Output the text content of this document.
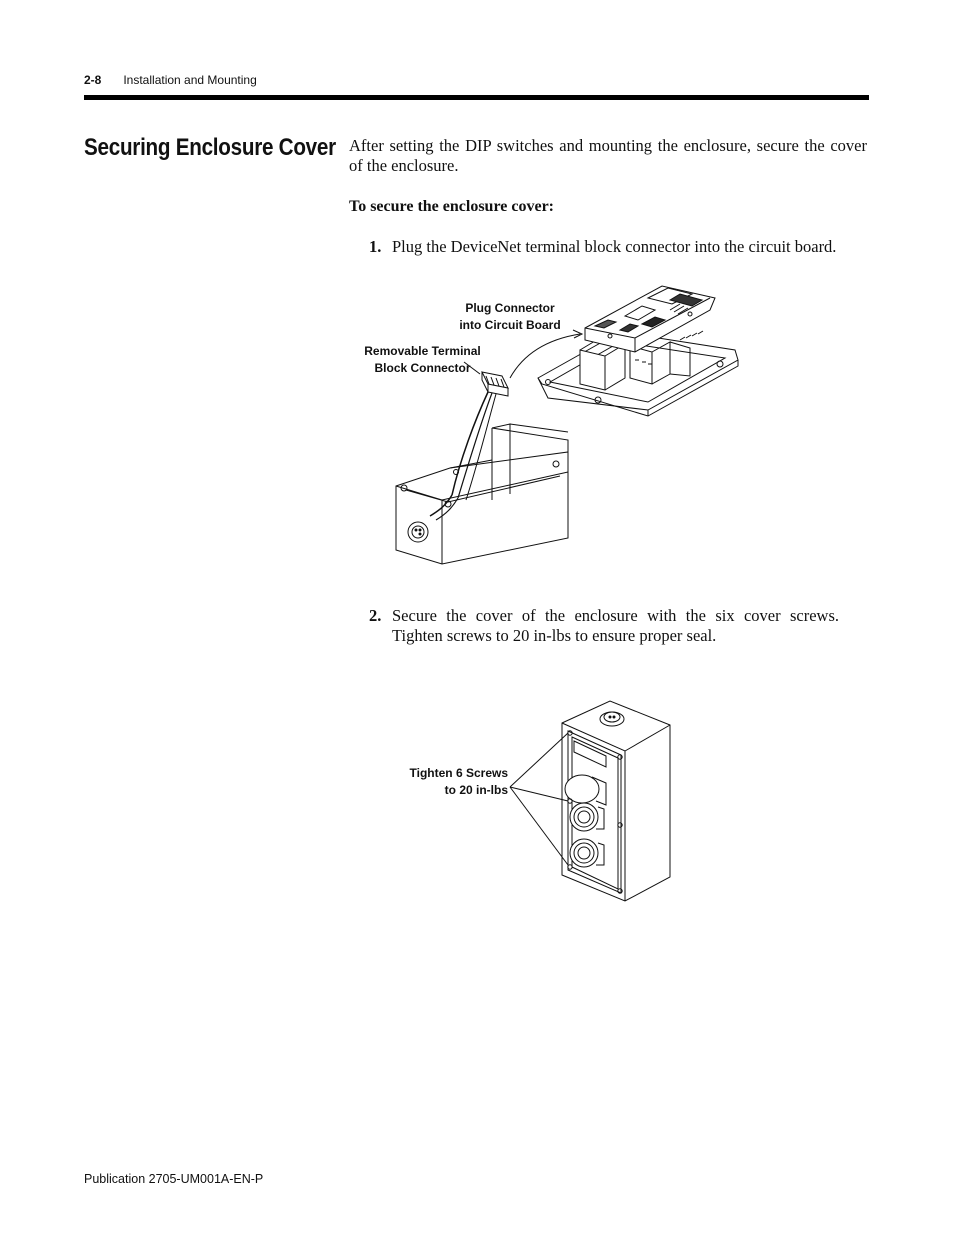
2-8 Installation and Mounting
Securing Enclosure Cover After setting the DIP switches and mounting the enclosure, secure the cover of the enclosure.
To secure the enclosure cover:
1. Plug the DeviceNet terminal block connector into the circuit board.
Plug Connector
into Circuit Board
Removable Terminal
Block Connector
2. Secure the cover of the enclosure with the six cover screws. Tighten screws to 20 in-lbs to ensure proper seal.
Tighten 6 Screws
to 20 in-lbs
Publication 2705-UM001A-EN-P
